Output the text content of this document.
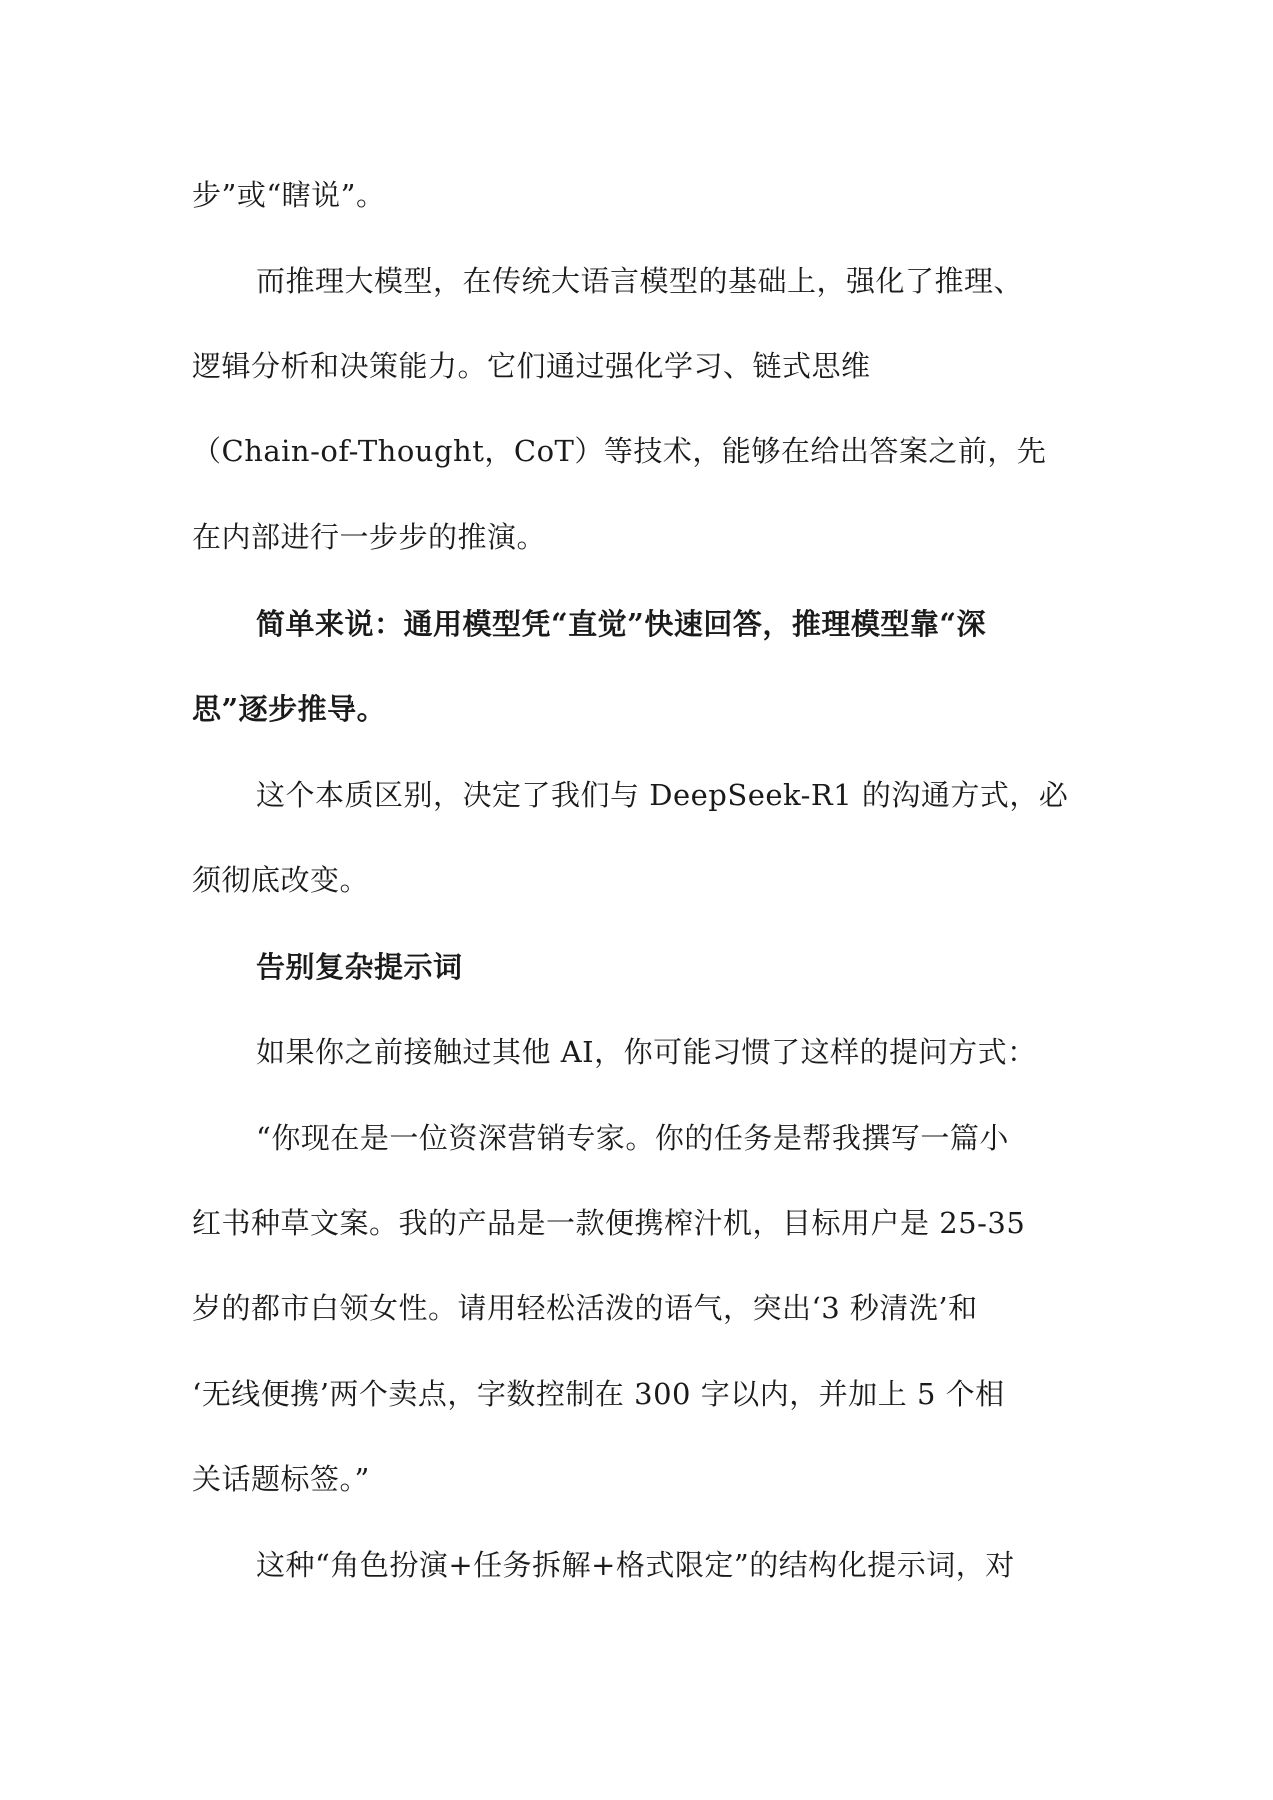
步”或“瞎说”。
而推理大模型，在传统大语言模型的基础上，强化了推理、
逻辑分析和决策能力。它们通过强化学习、链式思维
（Chain-of-Thought，CoT）等技术，能够在给出答案之前，先
在内部进行一步步的推演。
简单来说：通用模型凭“直觉”快速回答，推理模型靠“深
思”逐步推导。
这个本质区别，决定了我们与 DeepSeek-R1 的沟通方式，必
须彻底改变。
告别复杂提示词
如果你之前接触过其他 AI，你可能习惯了这样的提问方式：
“你现在是一位资深营销专家。你的任务是帮我撰写一篇小
红书种草文案。我的产品是一款便携榨汁机，目标用户是 25-35
岁的都市白领女性。请用轻松活泼的语气，突出‘3 秒清洗’和
‘无线便携’两个卖点，字数控制在 300 字以内，并加上 5 个相
关话题标签。”
这种“角色扮演+任务拆解+格式限定”的结构化提示词，对
